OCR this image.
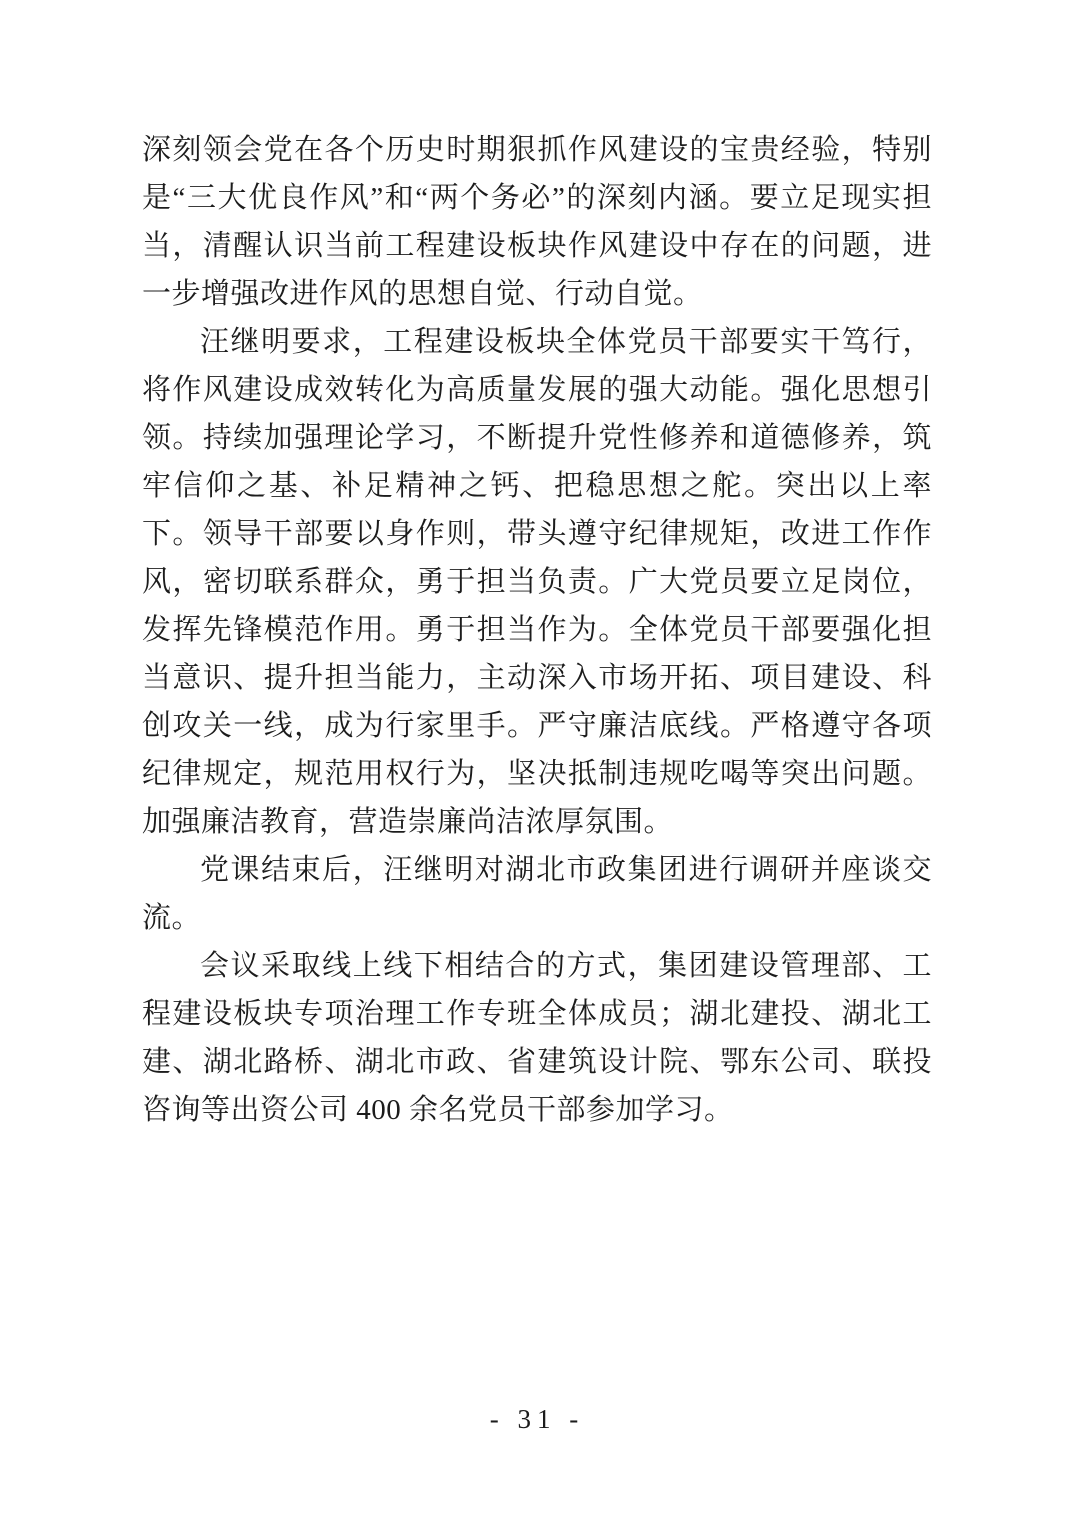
深刻领会党在各个历史时期狠抓作风建设的宝贵经验，特别是“三大优良作风”和“两个务必”的深刻内涵。要立足现实担当，清醒认识当前工程建设板块作风建设中存在的问题，进一步增强改进作风的思想自觉、行动自觉。

汪继明要求，工程建设板块全体党员干部要实干笃行，将作风建设成效转化为高质量发展的强大动能。强化思想引领。持续加强理论学习，不断提升党性修养和道德修养，筑牢信仰之基、补足精神之钙、把稳思想之舵。突出以上率下。领导干部要以身作则，带头遵守纪律规矩，改进工作作风，密切联系群众，勇于担当负责。广大党员要立足岗位，发挥先锋模范作用。勇于担当作为。全体党员干部要强化担当意识、提升担当能力，主动深入市场开拓、项目建设、科创攻关一线，成为行家里手。严守廉洁底线。严格遵守各项纪律规定，规范用权行为，坚决抵制违规吃喝等突出问题。加强廉洁教育，营造崇廉尚洁浓厚氛围。

党课结束后，汪继明对湖北市政集团进行调研并座谈交流。

会议采取线上线下相结合的方式，集团建设管理部、工程建设板块专项治理工作专班全体成员；湖北建投、湖北工建、湖北路桥、湖北市政、省建筑设计院、鄂东公司、联投咨询等出资公司 400 余名党员干部参加学习。

- 31 -
